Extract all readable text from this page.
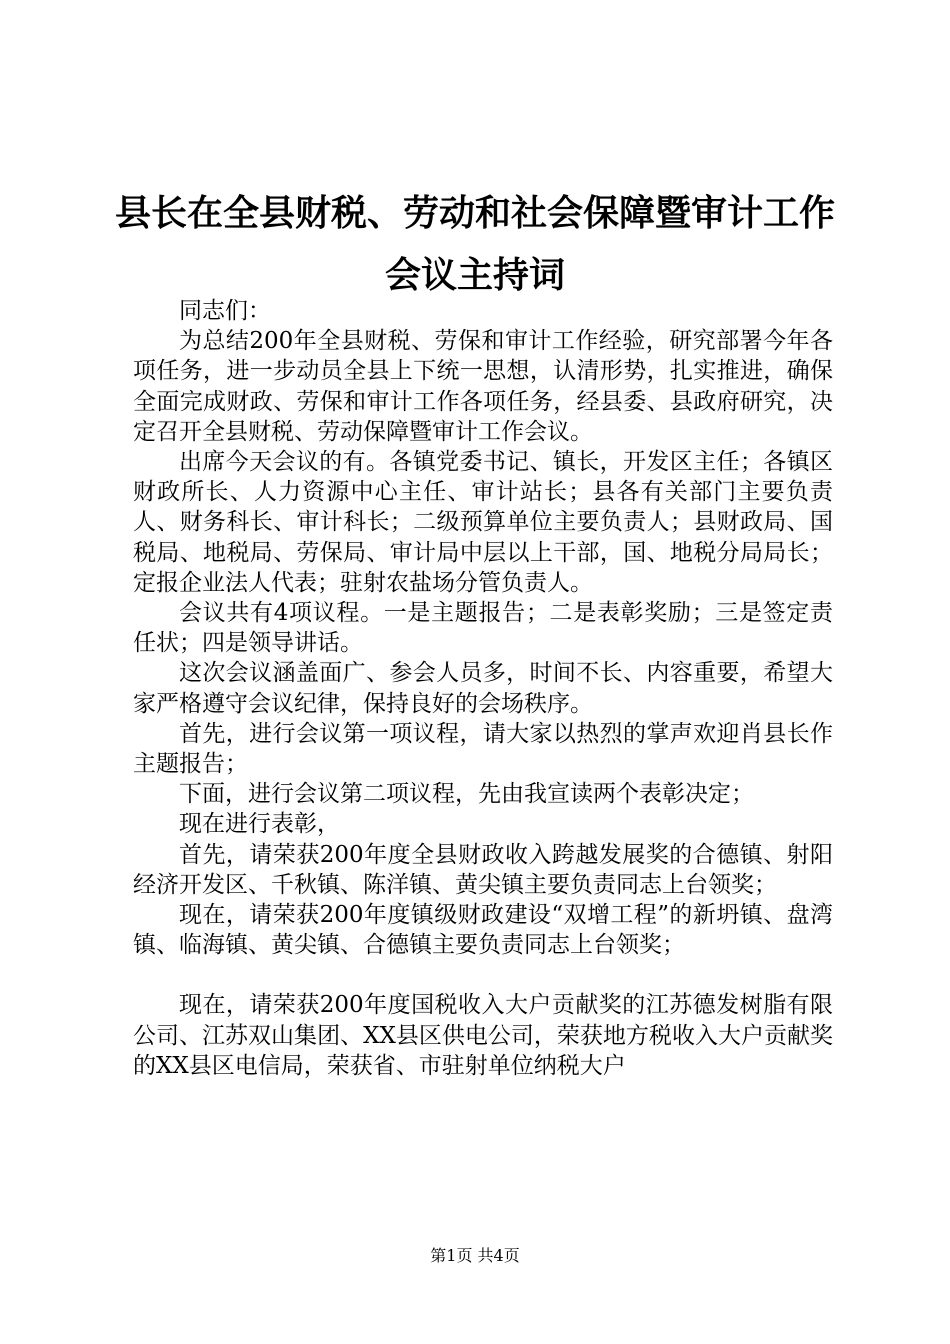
县长在全县财税、劳动和社会保障暨审计工作
会议主持词

同志们：

为总结200年全县财税、劳保和审计工作经验，研究部署今年各项任务，进一步动员全县上下统一思想，认清形势，扎实推进，确保全面完成财政、劳保和审计工作各项任务，经县委、县政府研究，决定召开全县财税、劳动保障暨审计工作会议。

出席今天会议的有。各镇党委书记、镇长，开发区主任；各镇区财政所长、人力资源中心主任、审计站长；县各有关部门主要负责人、财务科长、审计科长；二级预算单位主要负责人；县财政局、国税局、地税局、劳保局、审计局中层以上干部，国、地税分局局长；定报企业法人代表；驻射农盐场分管负责人。

会议共有4项议程。一是主题报告；二是表彰奖励；三是签定责任状；四是领导讲话。

这次会议涵盖面广、参会人员多，时间不长、内容重要，希望大家严格遵守会议纪律，保持良好的会场秩序。

首先，进行会议第一项议程，请大家以热烈的掌声欢迎肖县长作主题报告；

下面，进行会议第二项议程，先由我宣读两个表彰决定；

现在进行表彰，

首先，请荣获200年度全县财政收入跨越发展奖的合德镇、射阳经济开发区、千秋镇、陈洋镇、黄尖镇主要负责同志上台领奖；

现在，请荣获200年度镇级财政建设“双增工程”的新坍镇、盘湾镇、临海镇、黄尖镇、合德镇主要负责同志上台领奖；

现在，请荣获200年度国税收入大户贡献奖的江苏德发树脂有限公司、江苏双山集团、XX县区供电公司，荣获地方税收入大户贡献奖的XX县区电信局，荣获省、市驻射单位纳税大户

第1页 共4页
